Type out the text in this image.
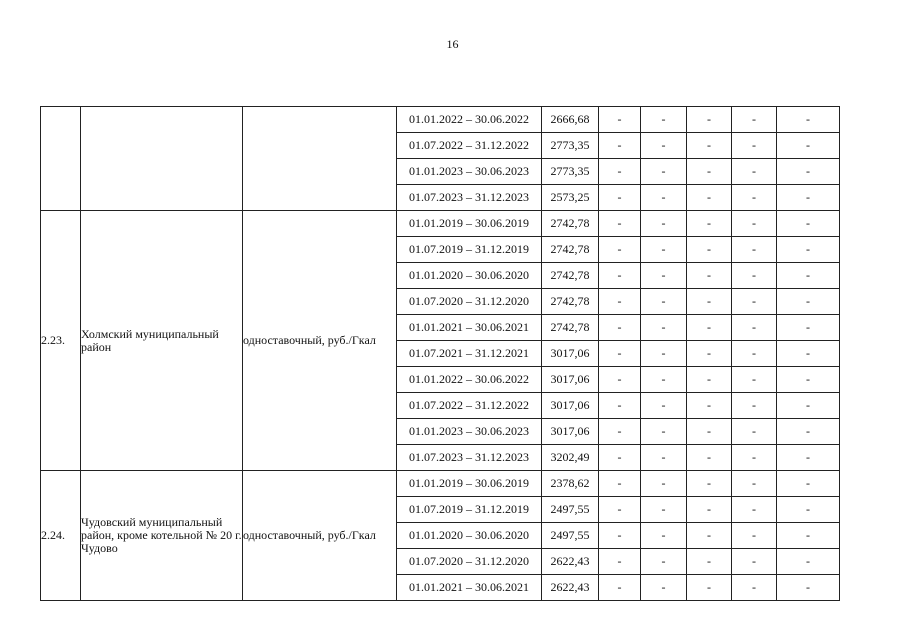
16
			01.01.2022 – 30.06.2022	2666,68	-	-	-	-	-
			01.07.2022 – 31.12.2022	2773,35	-	-	-	-	-
			01.01.2023 – 30.06.2023	2773,35	-	-	-	-	-
			01.07.2023 – 31.12.2023	2573,25	-	-	-	-	-
2.23.	Холмский муниципальный район	одноставочный, руб./Гкал	01.01.2019 – 30.06.2019	2742,78	-	-	-	-	-
			01.07.2019 – 31.12.2019	2742,78	-	-	-	-	-
			01.01.2020 – 30.06.2020	2742,78	-	-	-	-	-
			01.07.2020 – 31.12.2020	2742,78	-	-	-	-	-
			01.01.2021 – 30.06.2021	2742,78	-	-	-	-	-
			01.07.2021 – 31.12.2021	3017,06	-	-	-	-	-
			01.01.2022 – 30.06.2022	3017,06	-	-	-	-	-
			01.07.2022 – 31.12.2022	3017,06	-	-	-	-	-
			01.01.2023 – 30.06.2023	3017,06	-	-	-	-	-
			01.07.2023 – 31.12.2023	3202,49	-	-	-	-	-
2.24.	Чудовский муниципальный район, кроме котельной № 20 г. Чудово	одноставочный, руб./Гкал	01.01.2019 – 30.06.2019	2378,62	-	-	-	-	-
			01.07.2019 – 31.12.2019	2497,55	-	-	-	-	-
			01.01.2020 – 30.06.2020	2497,55	-	-	-	-	-
			01.07.2020 – 31.12.2020	2622,43	-	-	-	-	-
			01.01.2021 – 30.06.2021	2622,43	-	-	-	-	-
